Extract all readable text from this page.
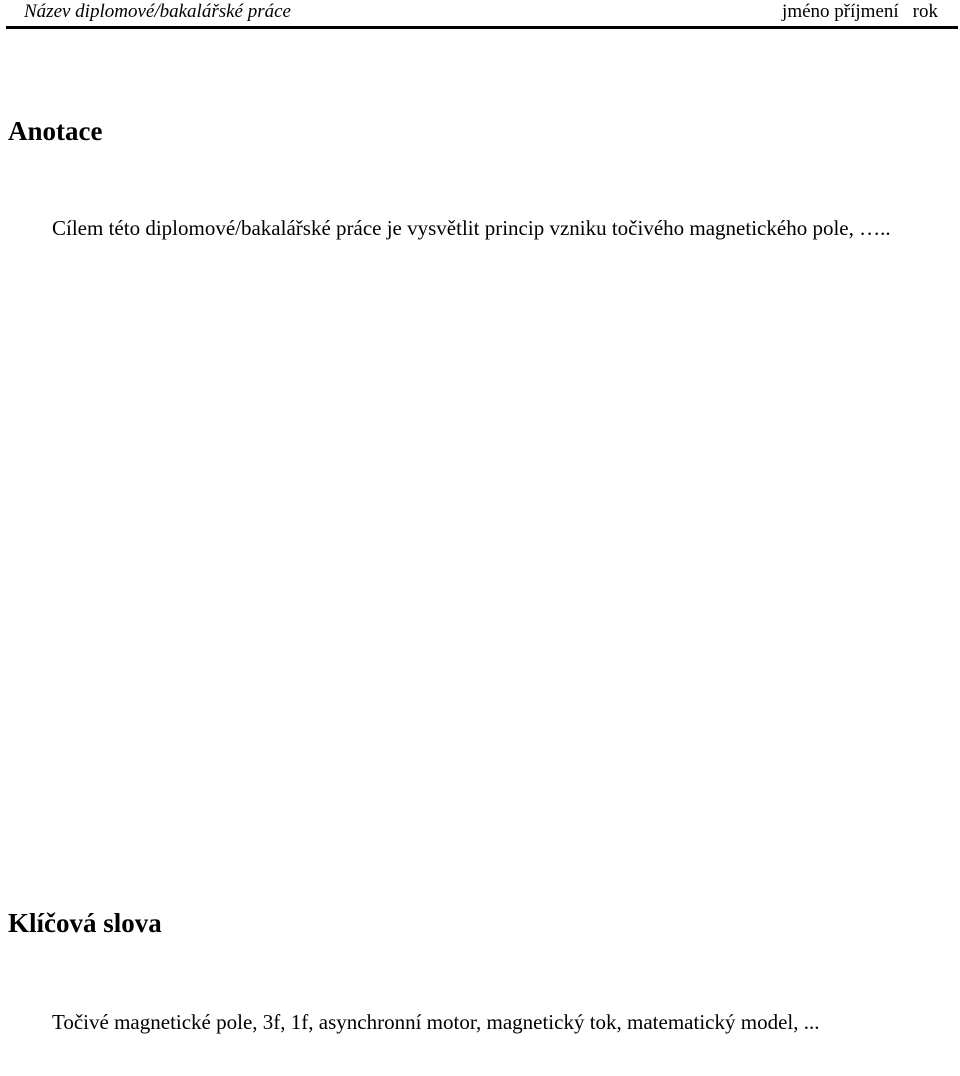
Název diplomové/bakalářské práce	jméno příjmení rok
Anotace

Cílem této diplomové/bakalářské práce je vysvětlit princip vzniku točivého magnetického pole, …..

Klíčová slova

Točivé magnetické pole, 3f, 1f, asynchronní motor, magnetický tok, matematický model, ...
